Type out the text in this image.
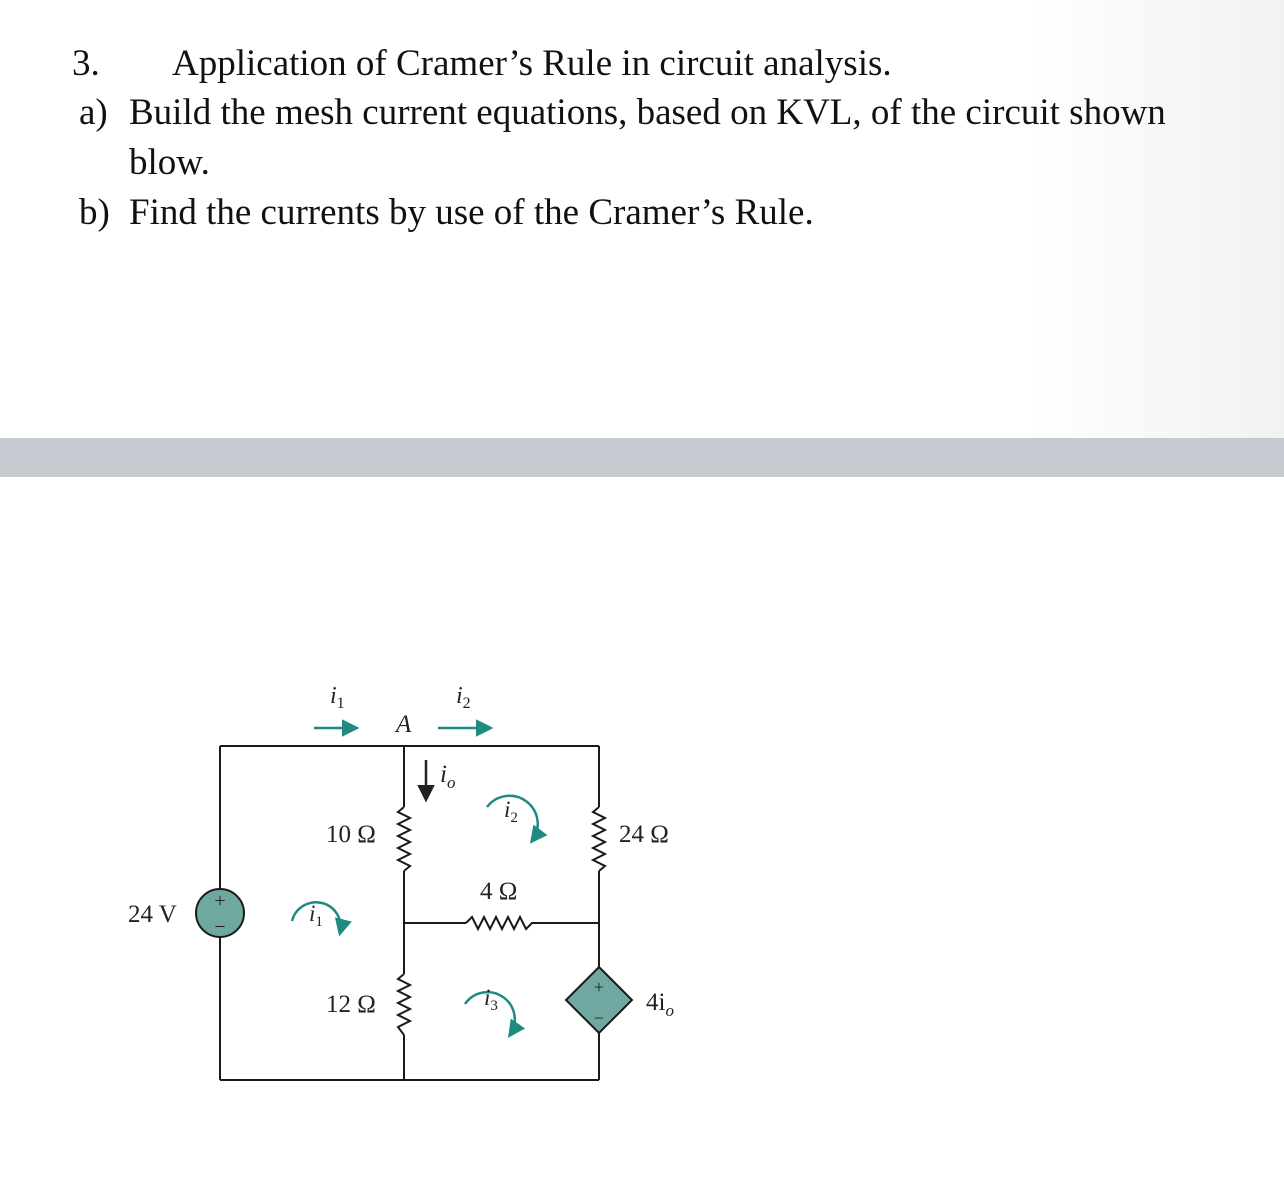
3. Application of Cramer’s Rule in circuit analysis.
a) Build the mesh current equations, based on KVL, of the circuit shown
blow.
b) Find the currents by use of the Cramer’s Rule.
+
−
+
−
24 V
10 Ω
12 Ω
4 Ω
24 Ω
A
$i_1$	$i_2$
$i_o$
$i_1$
$i_2$
$i_3$	$4i_o$
